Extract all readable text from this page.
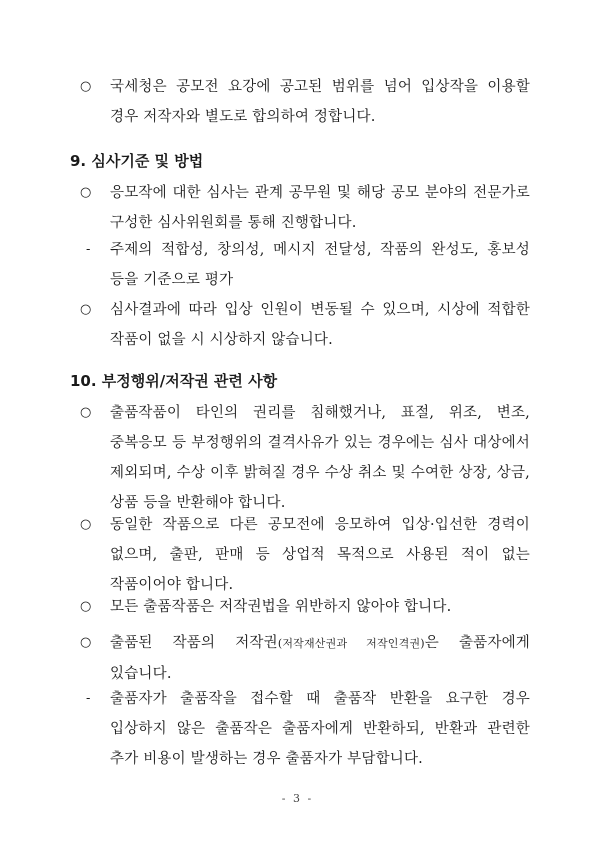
○ 국세청은 공모전 요강에 공고된 범위를 넘어 입상작을 이용할 경우 저작자와 별도로 합의하여 정합니다.
9. 심사기준 및 방법
○ 응모작에 대한 심사는 관계 공무원 및 해당 공모 분야의 전문가로 구성한 심사위원회를 통해 진행합니다.
- 주제의 적합성, 창의성, 메시지 전달성, 작품의 완성도, 홍보성 등을 기준으로 평가
○ 심사결과에 따라 입상 인원이 변동될 수 있으며, 시상에 적합한 작품이 없을 시 시상하지 않습니다.
10. 부정행위/저작권 관련 사항
○ 출품작품이 타인의 권리를 침해했거나, 표절, 위조, 변조, 중복응모 등 부정행위의 결격사유가 있는 경우에는 심사 대상에서 제외되며, 수상 이후 밝혀질 경우 수상 취소 및 수여한 상장, 상금, 상품 등을 반환해야 합니다.
○ 동일한 작품으로 다른 공모전에 응모하여 입상·입선한 경력이 없으며, 출판, 판매 등 상업적 목적으로 사용된 적이 없는 작품이어야 합니다.
○ 모든 출품작품은 저작권법을 위반하지 않아야 합니다.
○ 출품된 작품의 저작권(저작재산권과 저작인격권)은 출품자에게 있습니다.
- 출품자가 출품작을 접수할 때 출품작 반환을 요구한 경우 입상하지 않은 출품작은 출품자에게 반환하되, 반환과 관련한 추가 비용이 발생하는 경우 출품자가 부담합니다.
- 3 -
